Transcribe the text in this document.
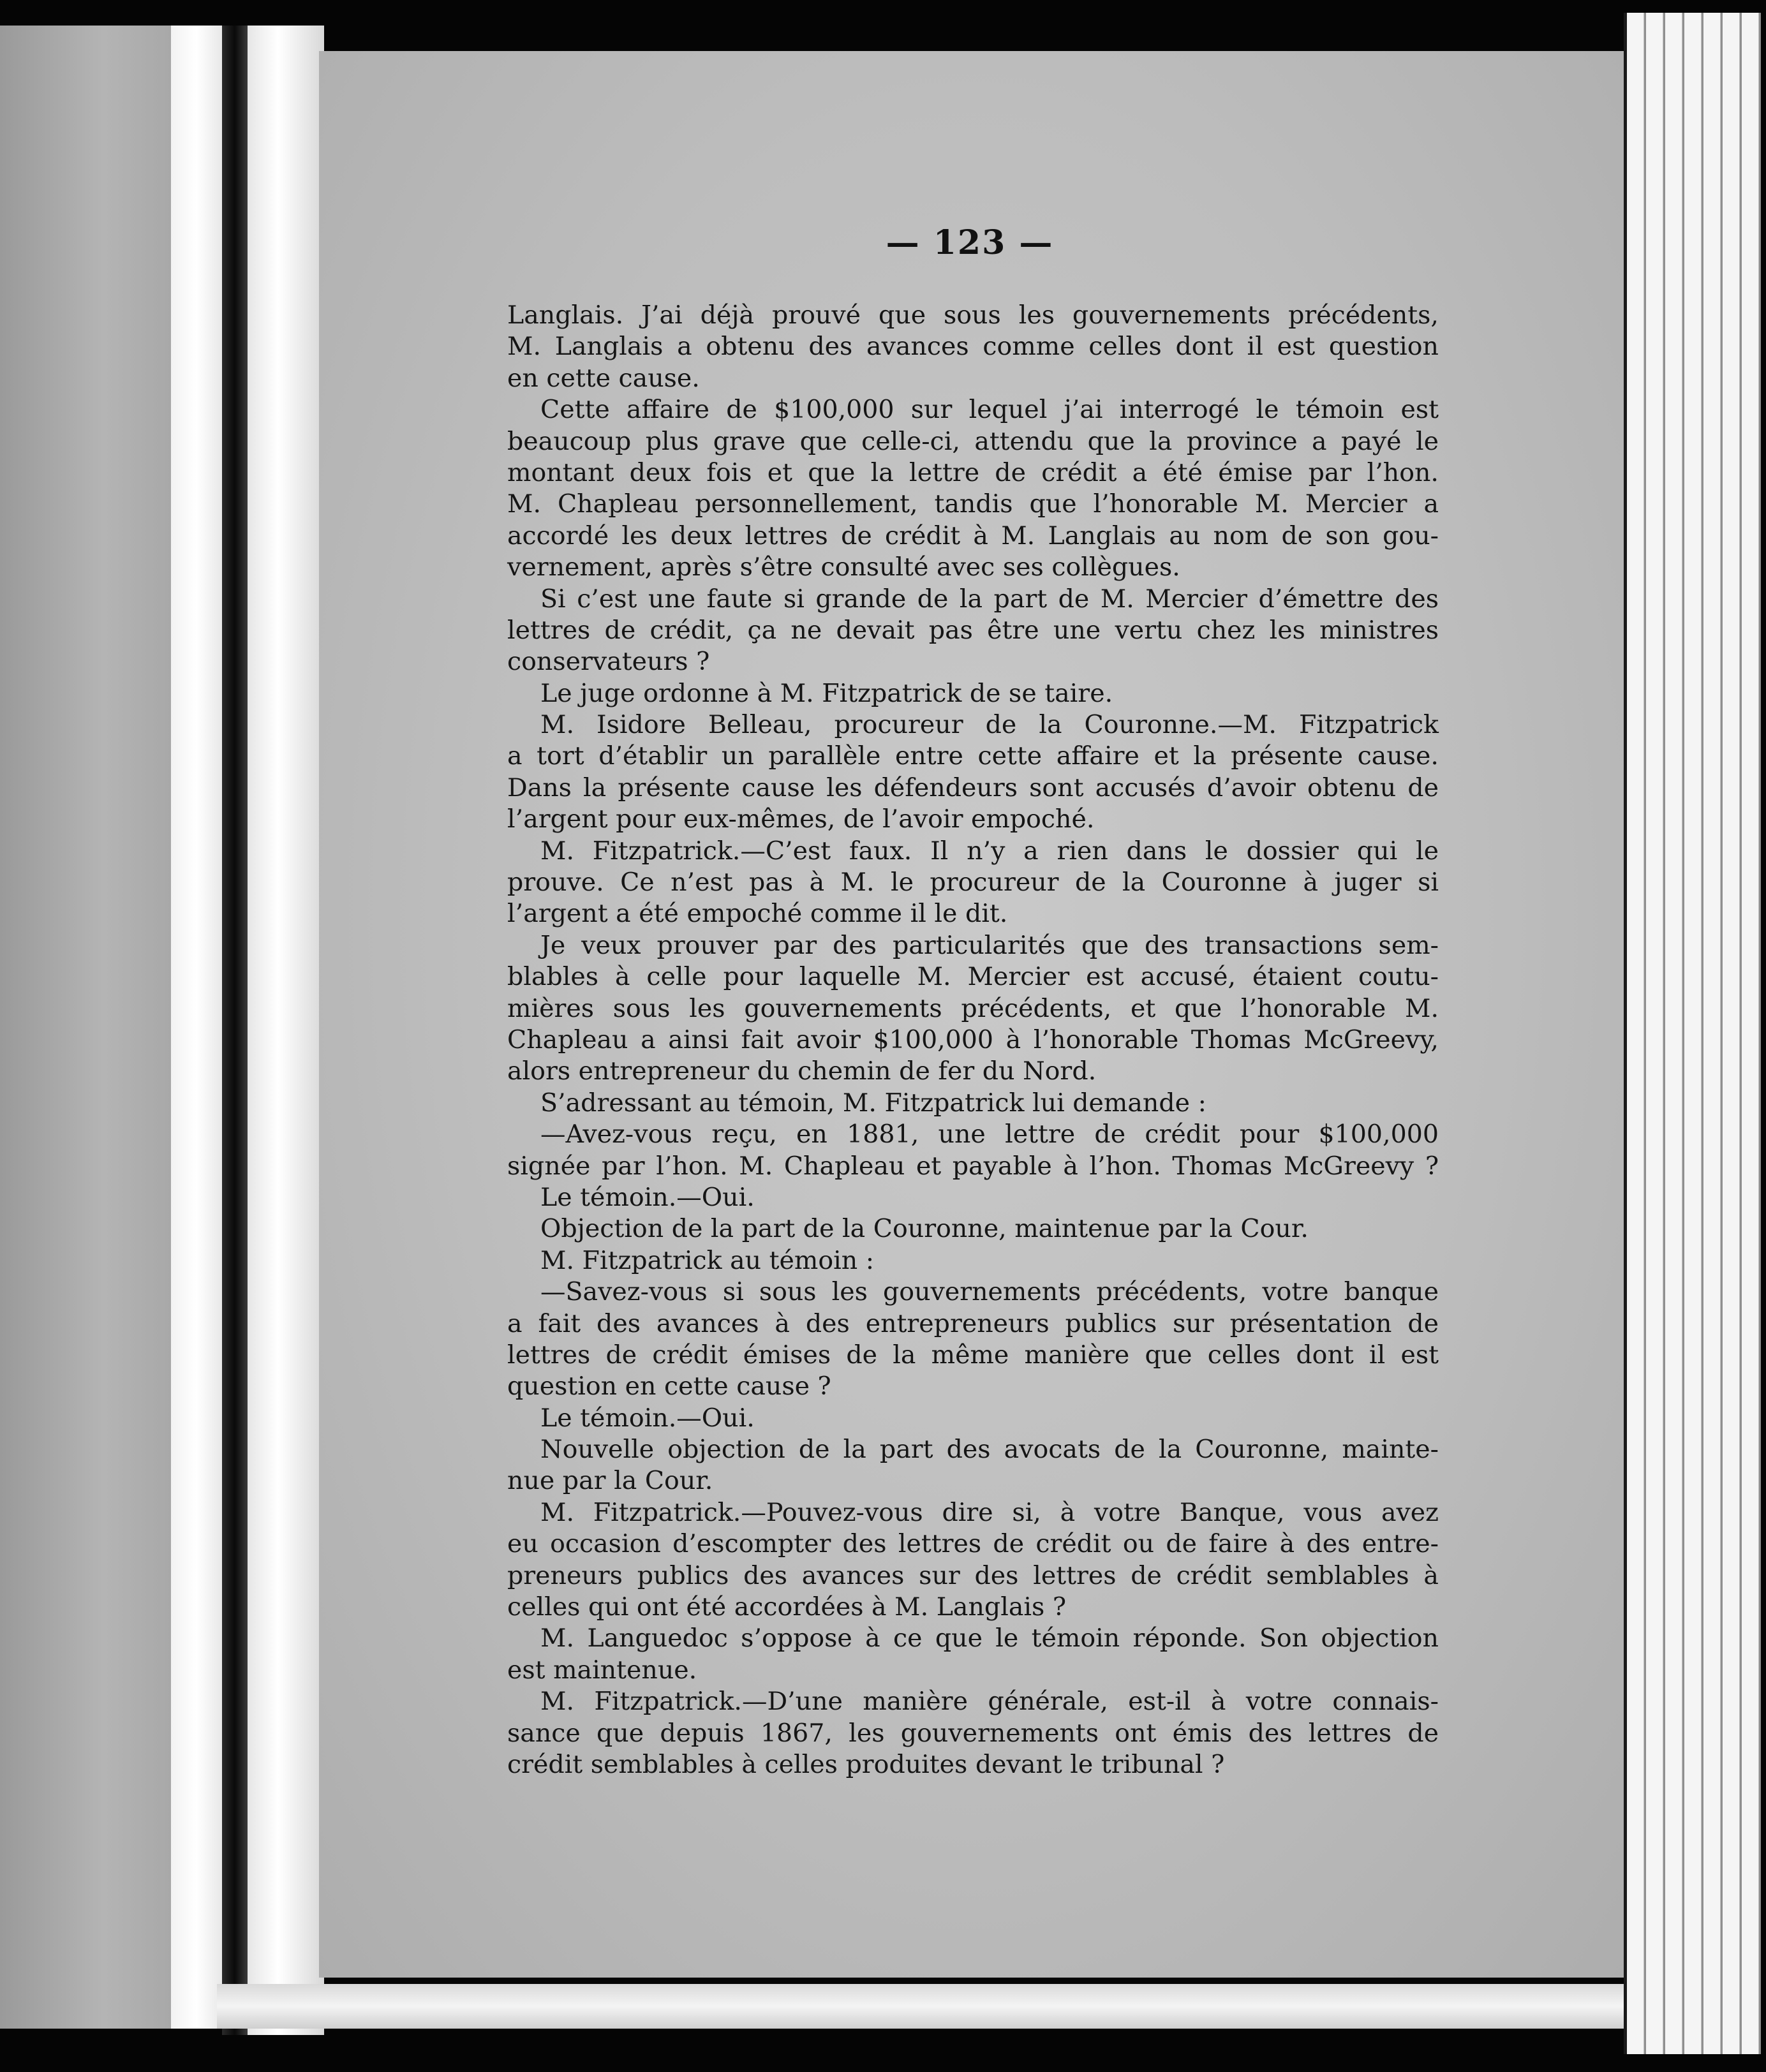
— 123 —
Langlais. J’ai déjà prouvé que sous les gouvernements précédents,
M. Langlais a obtenu des avances comme celles dont il est question
en cette cause.
Cette affaire de $100,000 sur lequel j’ai interrogé le témoin est
beaucoup plus grave que celle-ci, attendu que la province a payé le
montant deux fois et que la lettre de crédit a été émise par l’hon.
M. Chapleau personnellement, tandis que l’honorable M. Mercier a
accordé les deux lettres de crédit à M. Langlais au nom de son gou-
vernement, après s’être consulté avec ses collègues.
Si c’est une faute si grande de la part de M. Mercier d’émettre des
lettres de crédit, ça ne devait pas être une vertu chez les ministres
conservateurs ?
Le juge ordonne à M. Fitzpatrick de se taire.
M. Isidore Belleau, procureur de la Couronne.—M. Fitzpatrick
a tort d’établir un parallèle entre cette affaire et la présente cause.
Dans la présente cause les défendeurs sont accusés d’avoir obtenu de
l’argent pour eux-mêmes, de l’avoir empoché.
M. Fitzpatrick.—C’est faux. Il n’y a rien dans le dossier qui le
prouve. Ce n’est pas à M. le procureur de la Couronne à juger si
l’argent a été empoché comme il le dit.
Je veux prouver par des particularités que des transactions sem-
blables à celle pour laquelle M. Mercier est accusé, étaient coutu-
mières sous les gouvernements précédents, et que l’honorable M.
Chapleau a ainsi fait avoir $100,000 à l’honorable Thomas McGreevy,
alors entrepreneur du chemin de fer du Nord.
S’adressant au témoin, M. Fitzpatrick lui demande :
—Avez-vous reçu, en 1881, une lettre de crédit pour $100,000
signée par l’hon. M. Chapleau et payable à l’hon. Thomas McGreevy ?
Le témoin.—Oui.
Objection de la part de la Couronne, maintenue par la Cour.
M. Fitzpatrick au témoin :
—Savez-vous si sous les gouvernements précédents, votre banque
a fait des avances à des entrepreneurs publics sur présentation de
lettres de crédit émises de la même manière que celles dont il est
question en cette cause ?
Le témoin.—Oui.
Nouvelle objection de la part des avocats de la Couronne, mainte-
nue par la Cour.
M. Fitzpatrick.—Pouvez-vous dire si, à votre Banque, vous avez
eu occasion d’escompter des lettres de crédit ou de faire à des entre-
preneurs publics des avances sur des lettres de crédit semblables à
celles qui ont été accordées à M. Langlais ?
M. Languedoc s’oppose à ce que le témoin réponde. Son objection
est maintenue.
M. Fitzpatrick.—D’une manière générale, est-il à votre connais-
sance que depuis 1867, les gouvernements ont émis des lettres de
crédit semblables à celles produites devant le tribunal ?
